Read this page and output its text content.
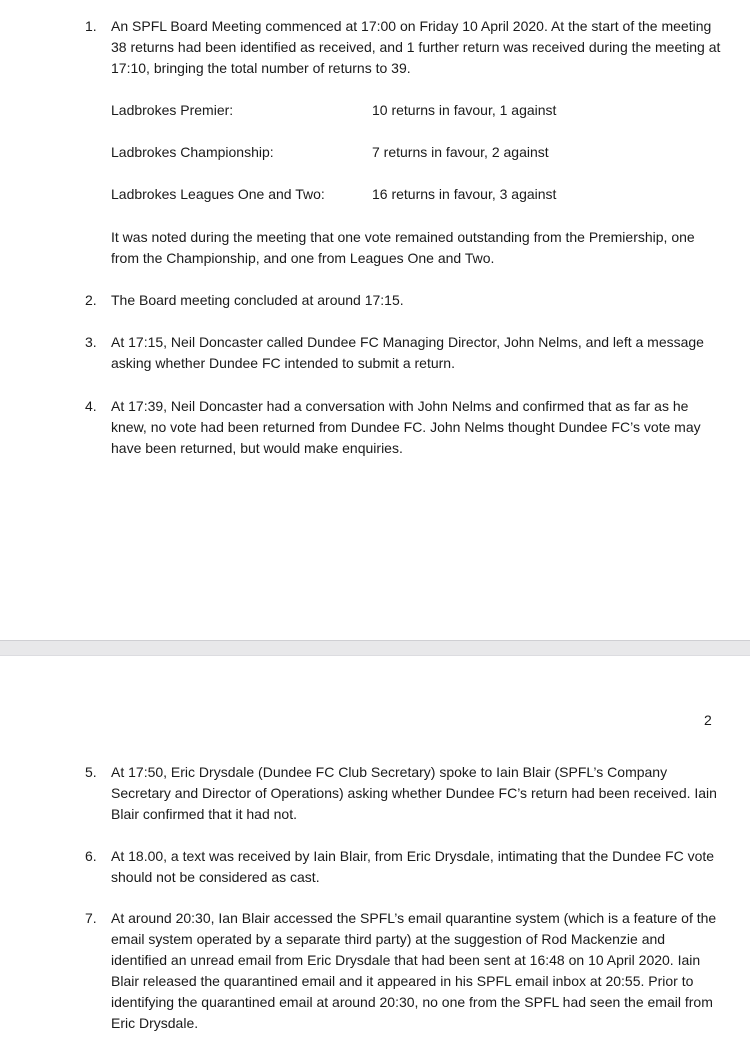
1. An SPFL Board Meeting commenced at 17:00 on Friday 10 April 2020. At the start of the meeting 38 returns had been identified as received, and 1 further return was received during the meeting at 17:10, bringing the total number of returns to 39.

Ladbrokes Premier:	10 returns in favour, 1 against
Ladbrokes Championship:	7 returns in favour, 2 against
Ladbrokes Leagues One and Two:	16 returns in favour, 3 against

It was noted during the meeting that one vote remained outstanding from the Premiership, one from the Championship, and one from Leagues One and Two.

2. The Board meeting concluded at around 17:15.

3. At 17:15, Neil Doncaster called Dundee FC Managing Director, John Nelms, and left a message asking whether Dundee FC intended to submit a return.

4. At 17:39, Neil Doncaster had a conversation with John Nelms and confirmed that as far as he knew, no vote had been returned from Dundee FC. John Nelms thought Dundee FC’s vote may have been returned, but would make enquiries.

2
5. At 17:50, Eric Drysdale (Dundee FC Club Secretary) spoke to Iain Blair (SPFL’s Company Secretary and Director of Operations) asking whether Dundee FC’s return had been received. Iain Blair confirmed that it had not.

6. At 18.00, a text was received by Iain Blair, from Eric Drysdale, intimating that the Dundee FC vote should not be considered as cast.

7. At around 20:30, Ian Blair accessed the SPFL’s email quarantine system (which is a feature of the email system operated by a separate third party) at the suggestion of Rod Mackenzie and identified an unread email from Eric Drysdale that had been sent at 16:48 on 10 April 2020. Iain Blair released the quarantined email and it appeared in his SPFL email inbox at 20:55. Prior to identifying the quarantined email at around 20:30, no one from the SPFL had seen the email from Eric Drysdale.
